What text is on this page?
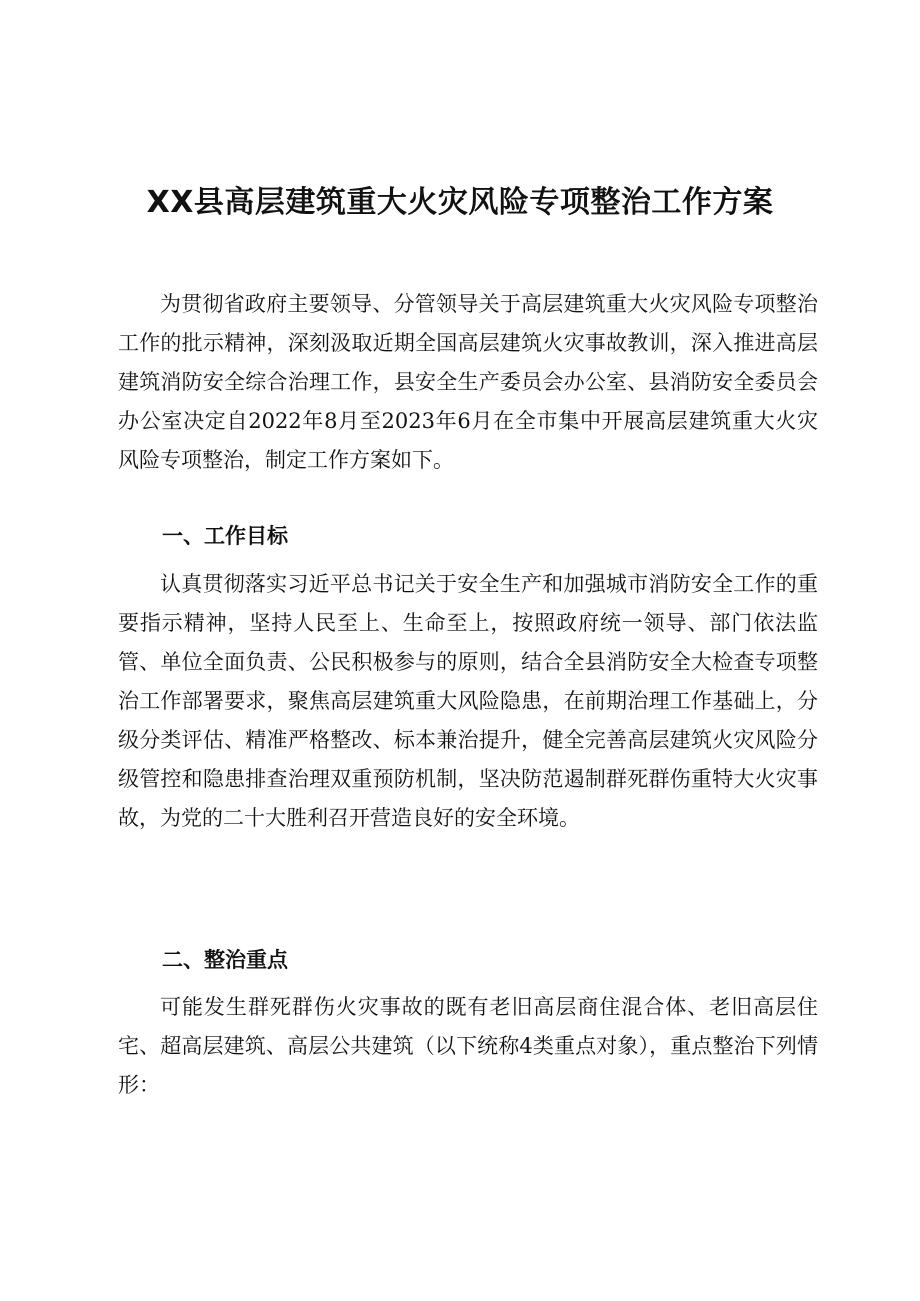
XX县高层建筑重大火灾风险专项整治工作方案

为贯彻省政府主要领导、分管领导关于高层建筑重大火灾风险专项整治工作的批示精神，深刻汲取近期全国高层建筑火灾事故教训，深入推进高层建筑消防安全综合治理工作，县安全生产委员会办公室、县消防安全委员会办公室决定自2022年8月至2023年6月在全市集中开展高层建筑重大火灾风险专项整治，制定工作方案如下。

一、工作目标

认真贯彻落实习近平总书记关于安全生产和加强城市消防安全工作的重要指示精神，坚持人民至上、生命至上，按照政府统一领导、部门依法监管、单位全面负责、公民积极参与的原则，结合全县消防安全大检查专项整治工作部署要求，聚焦高层建筑重大风险隐患，在前期治理工作基础上，分级分类评估、精准严格整改、标本兼治提升，健全完善高层建筑火灾风险分级管控和隐患排查治理双重预防机制，坚决防范遏制群死群伤重特大火灾事故，为党的二十大胜利召开营造良好的安全环境。

二、整治重点

可能发生群死群伤火灾事故的既有老旧高层商住混合体、老旧高层住宅、超高层建筑、高层公共建筑（以下统称4类重点对象），重点整治下列情形：
